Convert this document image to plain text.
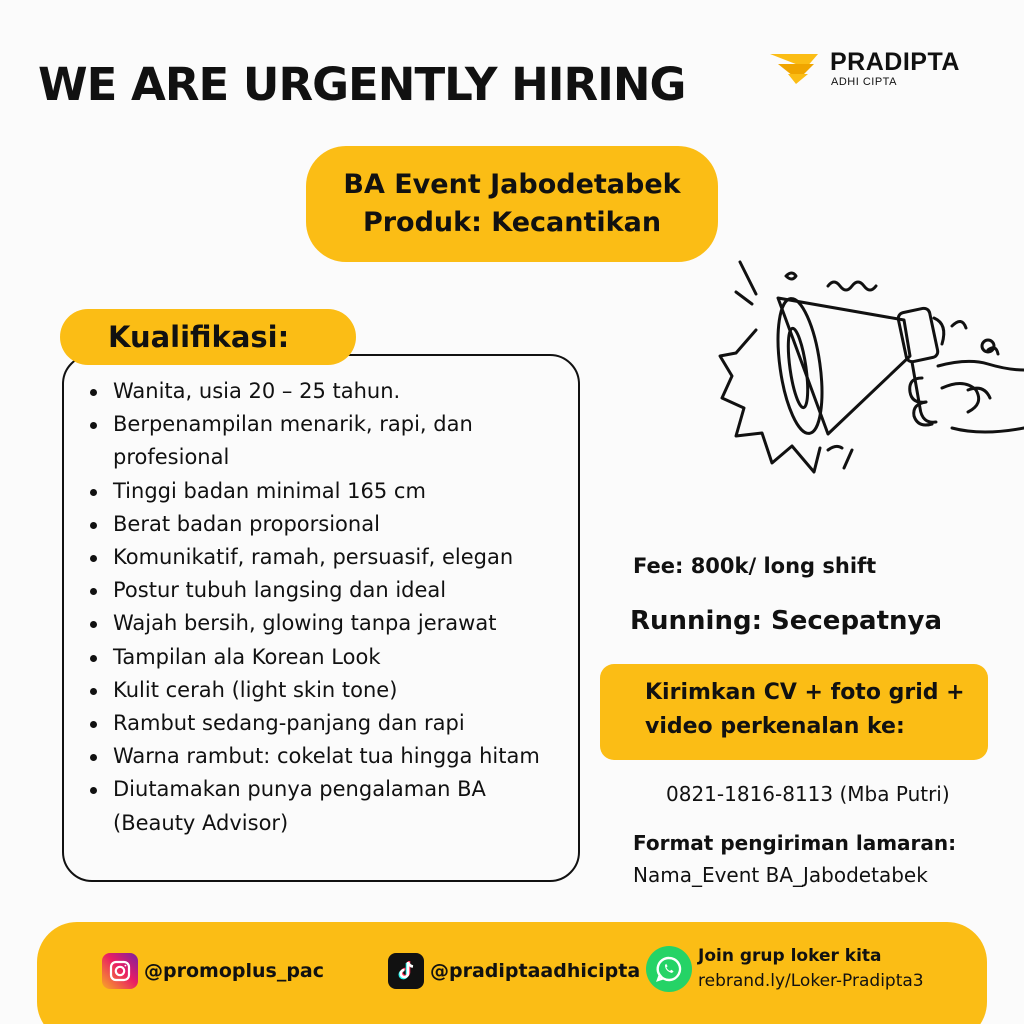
WE ARE URGENTLY HIRING	PRADIPTA
ADHI CIPTA
BA Event Jabodetabek
Produk: Kecantikan
Kualifikasi:
Wanita, usia 20 – 25 tahun.
Berpenampilan menarik, rapi, dan profesional
Tinggi badan minimal 165 cm
Berat badan proporsional
Komunikatif, ramah, persuasif, elegan
Postur tubuh langsing dan ideal
Wajah bersih, glowing tanpa jerawat
Tampilan ala Korean Look
Kulit cerah (light skin tone)
Rambut sedang-panjang dan rapi
Warna rambut: cokelat tua hingga hitam
Diutamakan punya pengalaman BA (Beauty Advisor)
Fee: 800k/ long shift
Running: Secepatnya
Kirimkan CV + foto grid +
video perkenalan ke:
0821-1816-8113 (Mba Putri)
Format pengiriman lamaran:
Nama_Event BA_Jabodetabek
@promoplus_pac	@pradiptaadhicipta
Join grup loker kita
rebrand.ly/Loker-Pradipta3
